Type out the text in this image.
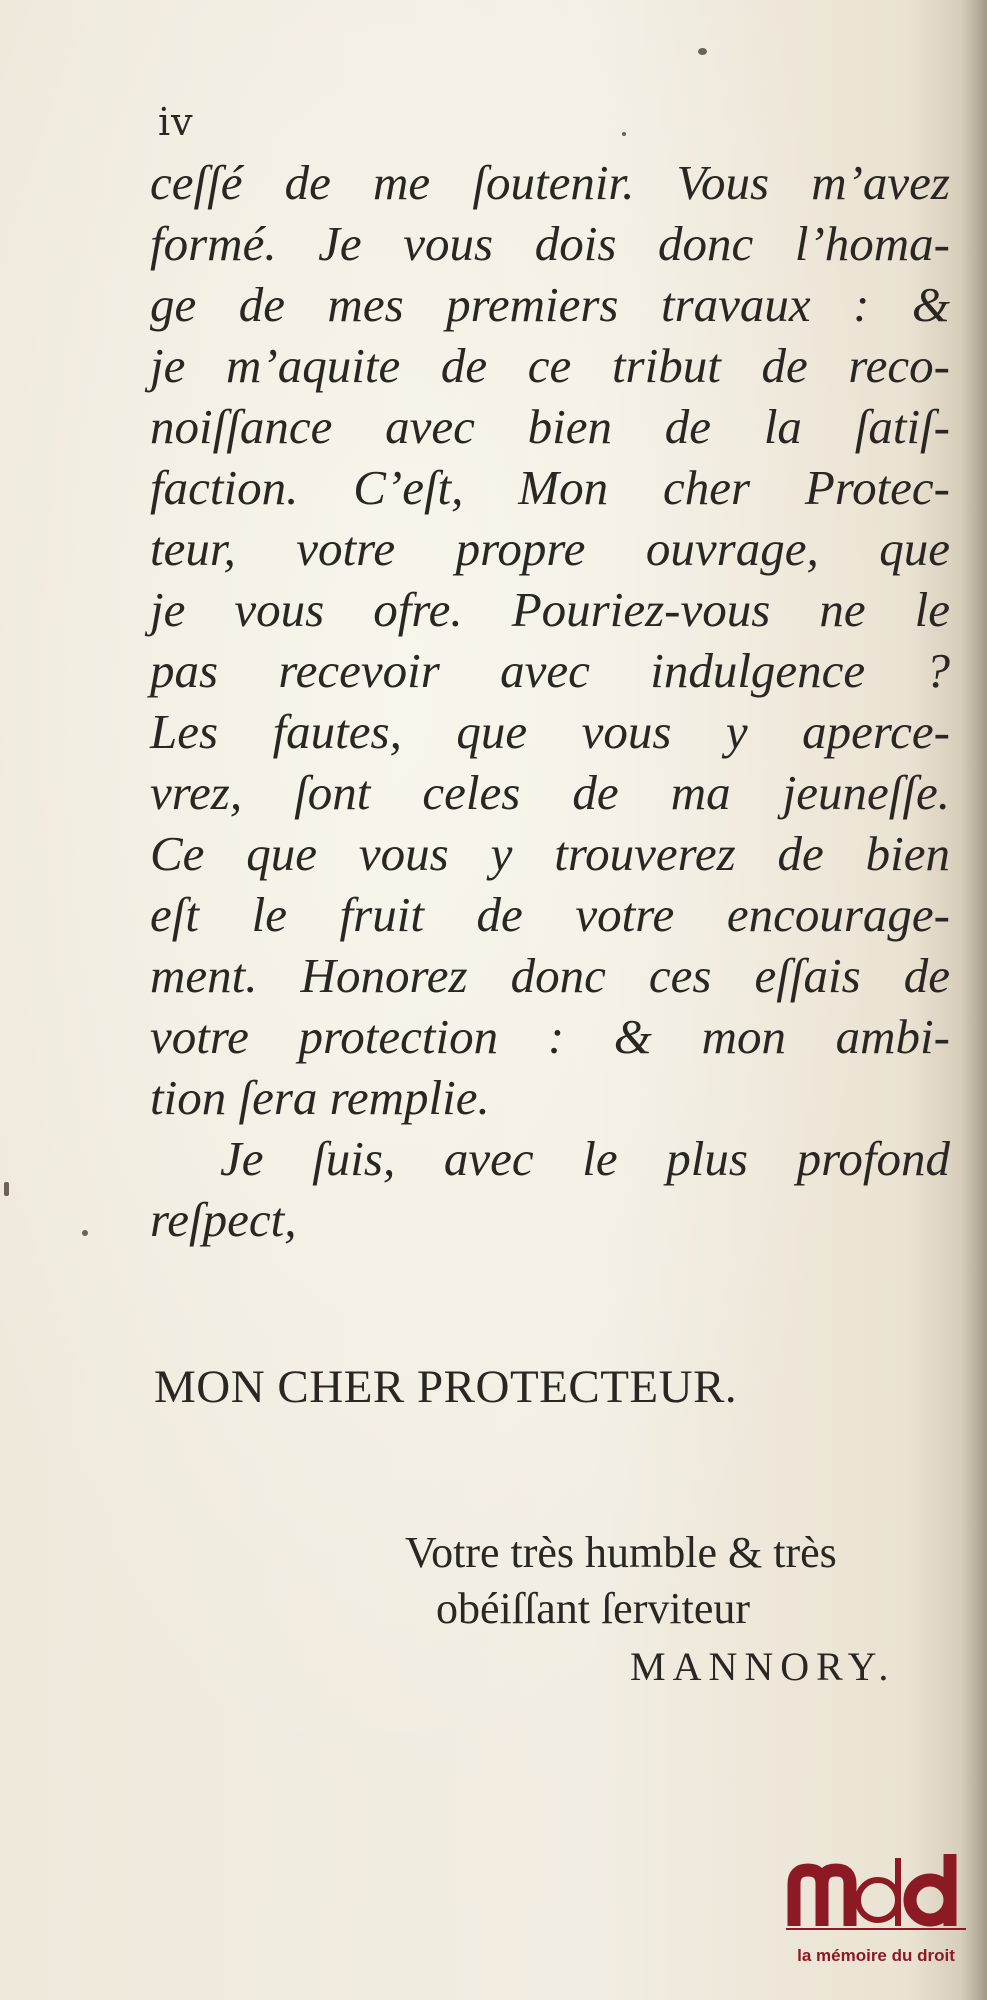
iv
ceſſé de me ſoutenir. Vous m’avez
formé. Je vous dois donc l’homa-
ge de mes premiers travaux : &
je m’aquite de ce tribut de reco-
noiſſance avec bien de la ſatiſ-
faction. C’eſt, Mon cher Protec-
teur, votre propre ouvrage, que
je vous ofre. Pouriez-vous ne le
pas recevoir avec indulgence ?
Les fautes, que vous y aperce-
vrez, ſont celes de ma jeuneſſe.
Ce que vous y trouverez de bien
eſt le fruit de votre encourage-
ment. Honorez donc ces eſſais de
votre protection : & mon ambi-
tion ſera remplie.
Je ſuis, avec le plus profond
reſpect,
MON CHER PROTECTEUR.
Votre très humble & très
obéiſſant ſerviteur
MANNORY.
la mémoire du droit
